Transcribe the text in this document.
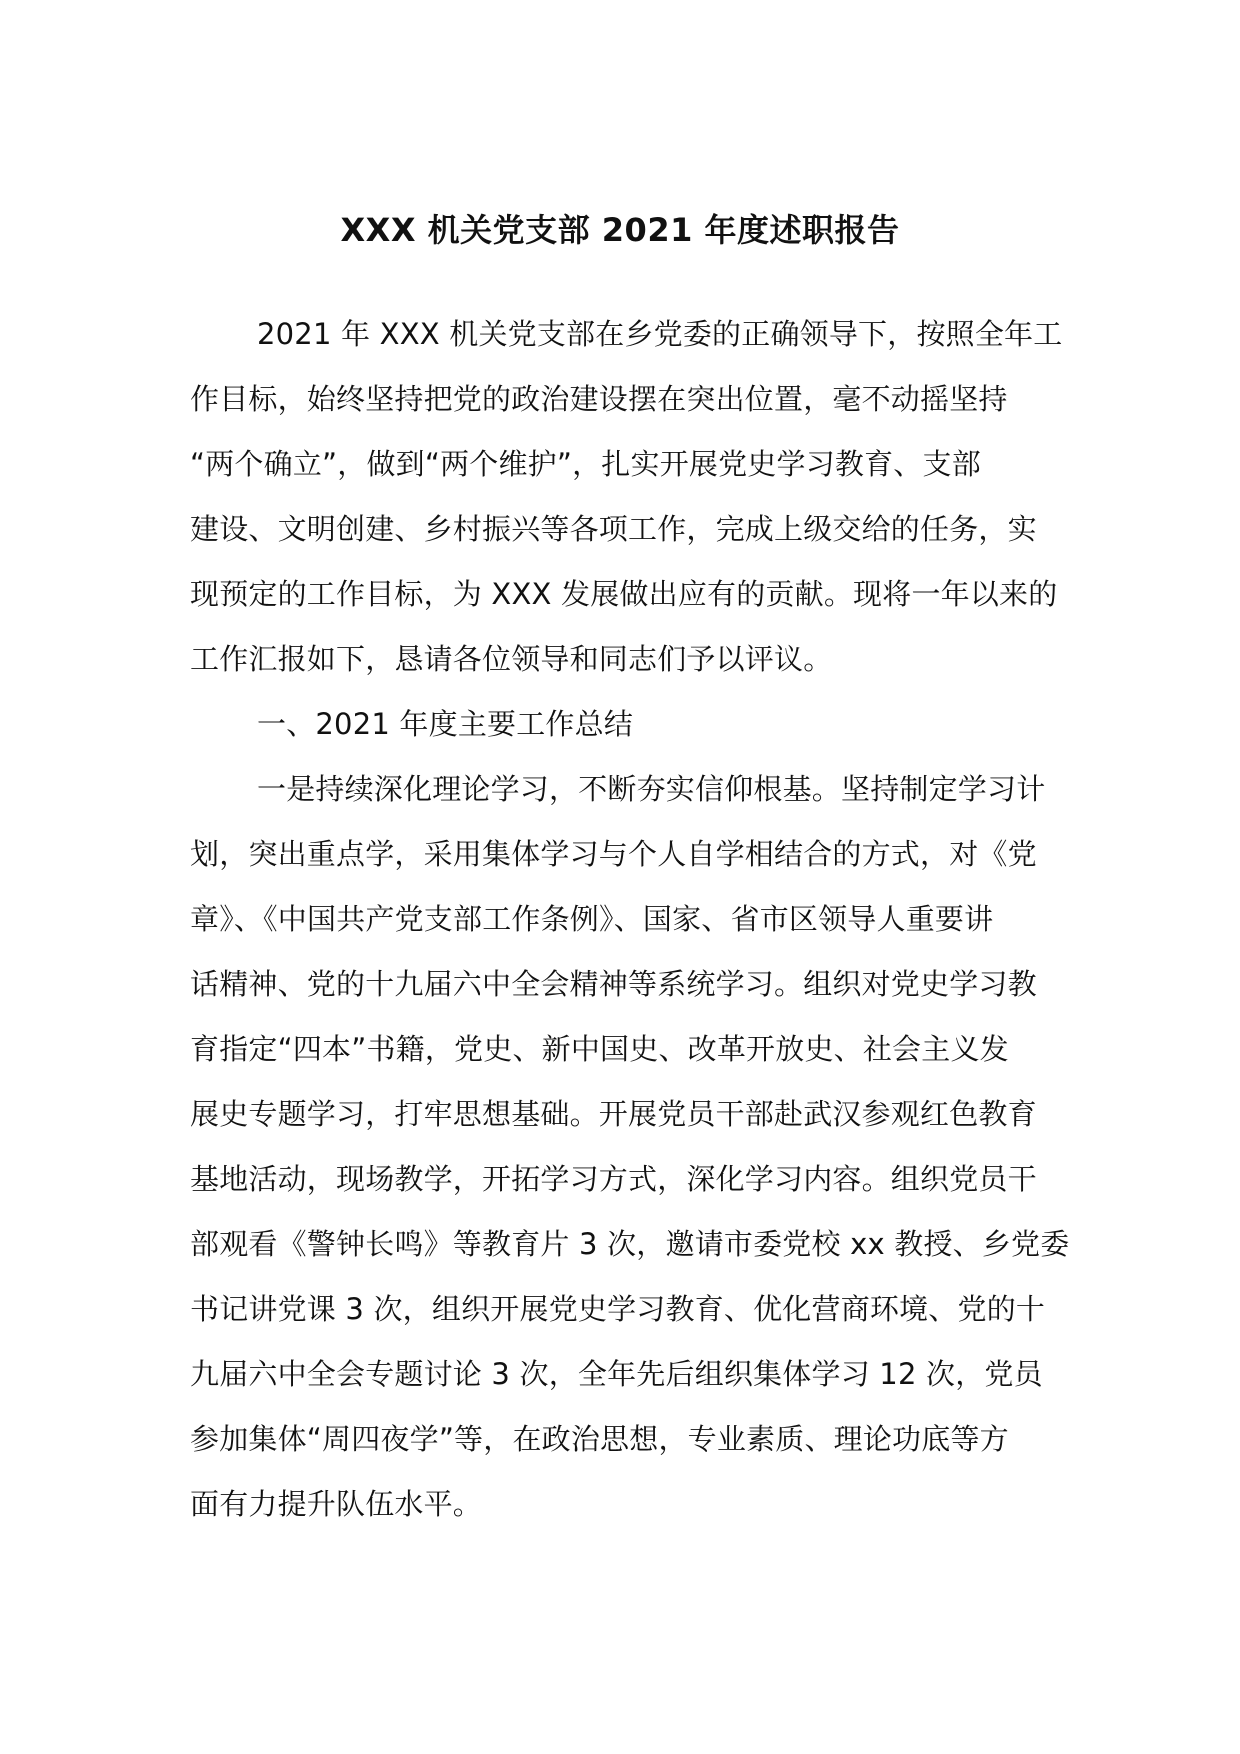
XXX 机关党支部 2021 年度述职报告
2021 年 XXX 机关党支部在乡党委的正确领导下，按照全年工
作目标，始终坚持把党的政治建设摆在突出位置，毫不动摇坚持
“两个确立”，做到“两个维护”，扎实开展党史学习教育、支部
建设、文明创建、乡村振兴等各项工作，完成上级交给的任务，实
现预定的工作目标，为 XXX 发展做出应有的贡献。现将一年以来的
工作汇报如下，恳请各位领导和同志们予以评议。
一、2021 年度主要工作总结
一是持续深化理论学习，不断夯实信仰根基。坚持制定学习计
划，突出重点学，采用集体学习与个人自学相结合的方式，对《党
章》、《中国共产党支部工作条例》、国家、省市区领导人重要讲
话精神、党的十九届六中全会精神等系统学习。组织对党史学习教
育指定“四本”书籍，党史、新中国史、改革开放史、社会主义发
展史专题学习，打牢思想基础。开展党员干部赴武汉参观红色教育
基地活动，现场教学，开拓学习方式，深化学习内容。组织党员干
部观看《警钟长鸣》等教育片 3 次，邀请市委党校 xx 教授、乡党委
书记讲党课 3 次，组织开展党史学习教育、优化营商环境、党的十
九届六中全会专题讨论 3 次，全年先后组织集体学习 12 次，党员
参加集体“周四夜学”等，在政治思想，专业素质、理论功底等方
面有力提升队伍水平。
